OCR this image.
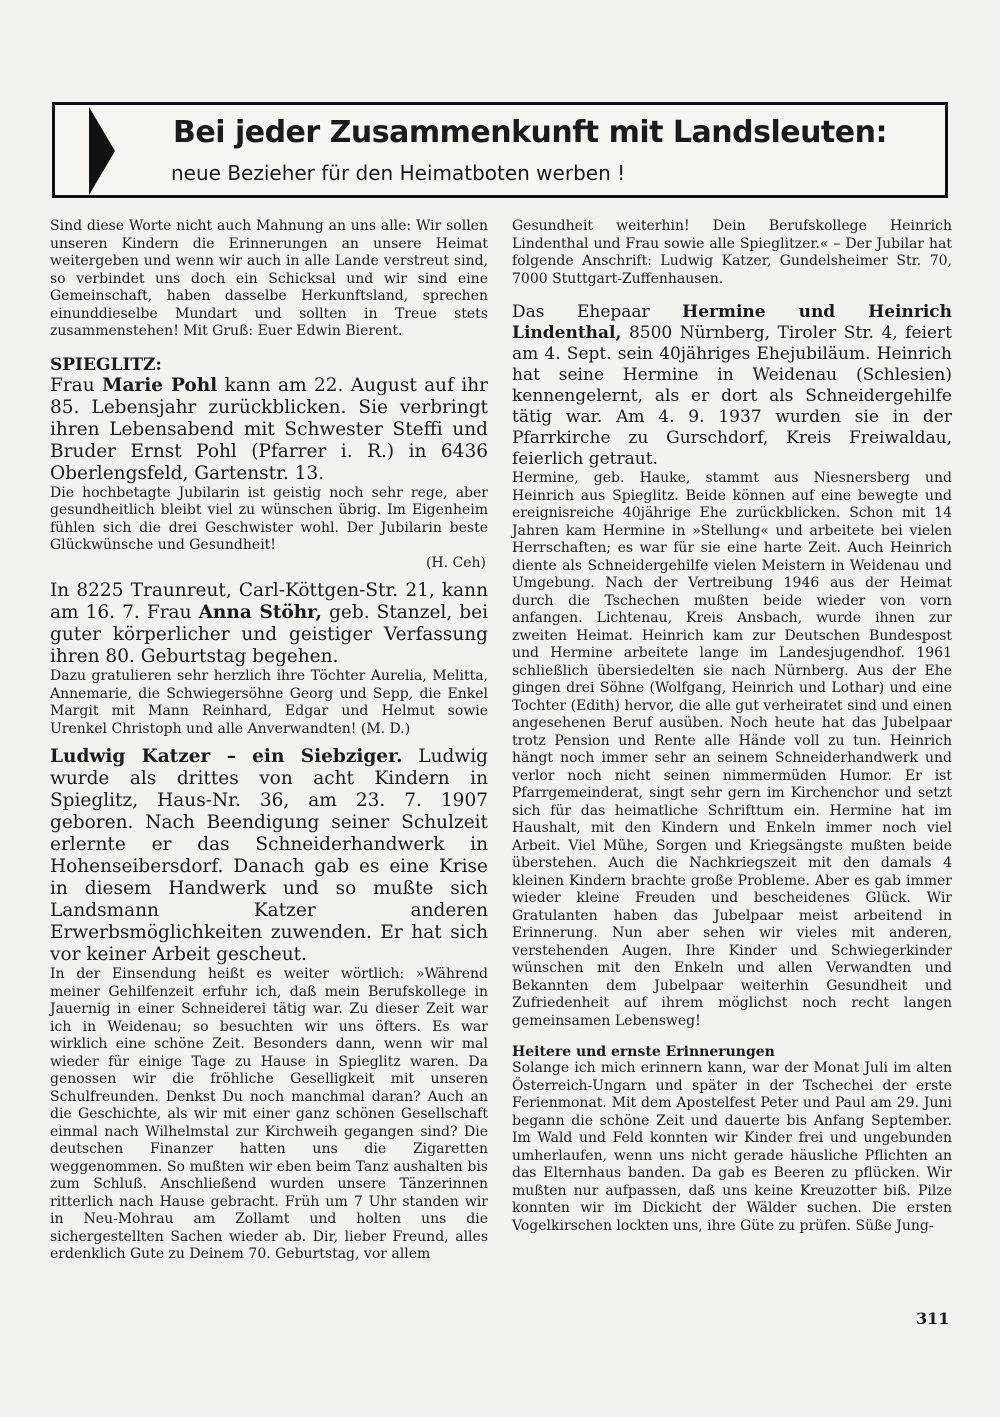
Bei jeder Zusammenkunft mit Landsleuten:
neue Bezieher für den Heimatboten werben !

Sind diese Worte nicht auch Mahnung an uns alle: Wir sollen unseren Kindern die Erinnerungen an unsere Heimat weitergeben und wenn wir auch in alle Lande verstreut sind, so verbindet uns doch ein Schicksal und wir sind eine Gemeinschaft, haben dasselbe Herkunftsland, sprechen einunddieselbe Mundart und sollten in Treue stets zusammenstehen! Mit Gruß: Euer Edwin Bierent.

SPIEGLITZ:

Frau Marie Pohl kann am 22. August auf ihr 85. Lebensjahr zurückblicken. Sie verbringt ihren Lebensabend mit Schwester Steffi und Bruder Ernst Pohl (Pfarrer i. R.) in 6436 Oberlengsfeld, Gartenstr. 13.

Die hochbetagte Jubilarin ist geistig noch sehr rege, aber gesundheitlich bleibt viel zu wünschen übrig. Im Eigenheim fühlen sich die drei Geschwister wohl. Der Jubilarin beste Glückwünsche und Gesundheit!

(H. Ceh)

In 8225 Traunreut, Carl-Köttgen-Str. 21, kann am 16. 7. Frau Anna Stöhr, geb. Stanzel, bei guter körperlicher und geistiger Verfassung ihren 80. Geburtstag begehen.

Dazu gratulieren sehr herzlich ihre Töchter Aurelia, Melitta, Annemarie, die Schwiegersöhne Georg und Sepp, die Enkel Margit mit Mann Reinhard, Edgar und Helmut sowie Urenkel Christoph und alle Anverwandten! (M. D.)

Ludwig Katzer – ein Siebziger. Ludwig wurde als drittes von acht Kindern in Spieglitz, Haus-Nr. 36, am 23. 7. 1907 geboren. Nach Beendigung seiner Schulzeit erlernte er das Schneiderhandwerk in Hohenseibersdorf. Danach gab es eine Krise in diesem Handwerk und so mußte sich Landsmann Katzer anderen Erwerbsmöglichkeiten zuwenden. Er hat sich vor keiner Arbeit gescheut.

In der Einsendung heißt es weiter wörtlich: »Während meiner Gehilfenzeit erfuhr ich, daß mein Berufskollege in Jauernig in einer Schneiderei tätig war. Zu dieser Zeit war ich in Weidenau; so besuchten wir uns öfters. Es war wirklich eine schöne Zeit. Besonders dann, wenn wir mal wieder für einige Tage zu Hause in Spieglitz waren. Da genossen wir die fröhliche Geselligkeit mit unseren Schulfreunden. Denkst Du noch manchmal daran? Auch an die Geschichte, als wir mit einer ganz schönen Gesellschaft einmal nach Wilhelmstal zur Kirchweih gegangen sind? Die deutschen Finanzer hatten uns die Zigaretten weggenommen. So mußten wir eben beim Tanz aushalten bis zum Schluß. Anschließend wurden unsere Tänzerinnen ritterlich nach Hause gebracht. Früh um 7 Uhr standen wir in Neu-Mohrau am Zollamt und holten uns die sichergestellten Sachen wieder ab. Dir, lieber Freund, alles erdenklich Gute zu Deinem 70. Geburtstag, vor allem

Gesundheit weiterhin! Dein Berufskollege Heinrich Lindenthal und Frau sowie alle Spieglitzer.« – Der Jubilar hat folgende Anschrift: Ludwig Katzer, Gundelsheimer Str. 70, 7000 Stuttgart-Zuffenhausen.

Das Ehepaar Hermine und Heinrich Lindenthal, 8500 Nürnberg, Tiroler Str. 4, feiert am 4. Sept. sein 40jähriges Ehejubiläum. Heinrich hat seine Hermine in Weidenau (Schlesien) kennengelernt, als er dort als Schneidergehilfe tätig war. Am 4. 9. 1937 wurden sie in der Pfarrkirche zu Gurschdorf, Kreis Freiwaldau, feierlich getraut.

Hermine, geb. Hauke, stammt aus Niesnersberg und Heinrich aus Spieglitz. Beide können auf eine bewegte und ereignisreiche 40jährige Ehe zurückblicken. Schon mit 14 Jahren kam Hermine in »Stellung« und arbeitete bei vielen Herrschaften; es war für sie eine harte Zeit. Auch Heinrich diente als Schneidergehilfe vielen Meistern in Weidenau und Umgebung. Nach der Vertreibung 1946 aus der Heimat durch die Tschechen mußten beide wieder von vorn anfangen. Lichtenau, Kreis Ansbach, wurde ihnen zur zweiten Heimat. Heinrich kam zur Deutschen Bundespost und Hermine arbeitete lange im Landesjugendhof. 1961 schließlich übersiedelten sie nach Nürnberg. Aus der Ehe gingen drei Söhne (Wolfgang, Heinrich und Lothar) und eine Tochter (Edith) hervor, die alle gut verheiratet sind und einen angesehenen Beruf ausüben. Noch heute hat das Jubelpaar trotz Pension und Rente alle Hände voll zu tun. Heinrich hängt noch immer sehr an seinem Schneiderhandwerk und verlor noch nicht seinen nimmermüden Humor. Er ist Pfarrgemeinderat, singt sehr gern im Kirchenchor und setzt sich für das heimatliche Schrifttum ein. Hermine hat im Haushalt, mit den Kindern und Enkeln immer noch viel Arbeit. Viel Mühe, Sorgen und Kriegsängste mußten beide überstehen. Auch die Nachkriegszeit mit den damals 4 kleinen Kindern brachte große Probleme. Aber es gab immer wieder kleine Freuden und bescheidenes Glück. Wir Gratulanten haben das Jubelpaar meist arbeitend in Erinnerung. Nun aber sehen wir vieles mit anderen, verstehenden Augen. Ihre Kinder und Schwiegerkinder wünschen mit den Enkeln und allen Verwandten und Bekannten dem Jubelpaar weiterhin Gesundheit und Zufriedenheit auf ihrem möglichst noch recht langen gemeinsamen Lebensweg!

Heitere und ernste Erinnerungen

Solange ich mich erinnern kann, war der Monat Juli im alten Österreich-Ungarn und später in der Tschechei der erste Ferienmonat. Mit dem Apostelfest Peter und Paul am 29. Juni begann die schöne Zeit und dauerte bis Anfang September. Im Wald und Feld konnten wir Kinder frei und ungebunden umherlaufen, wenn uns nicht gerade häusliche Pflichten an das Elternhaus banden. Da gab es Beeren zu pflücken. Wir mußten nur aufpassen, daß uns keine Kreuzotter biß. Pilze konnten wir im Dickicht der Wälder suchen. Die ersten Vogelkirschen lockten uns, ihre Güte zu prüfen. Süße Jung-

311
